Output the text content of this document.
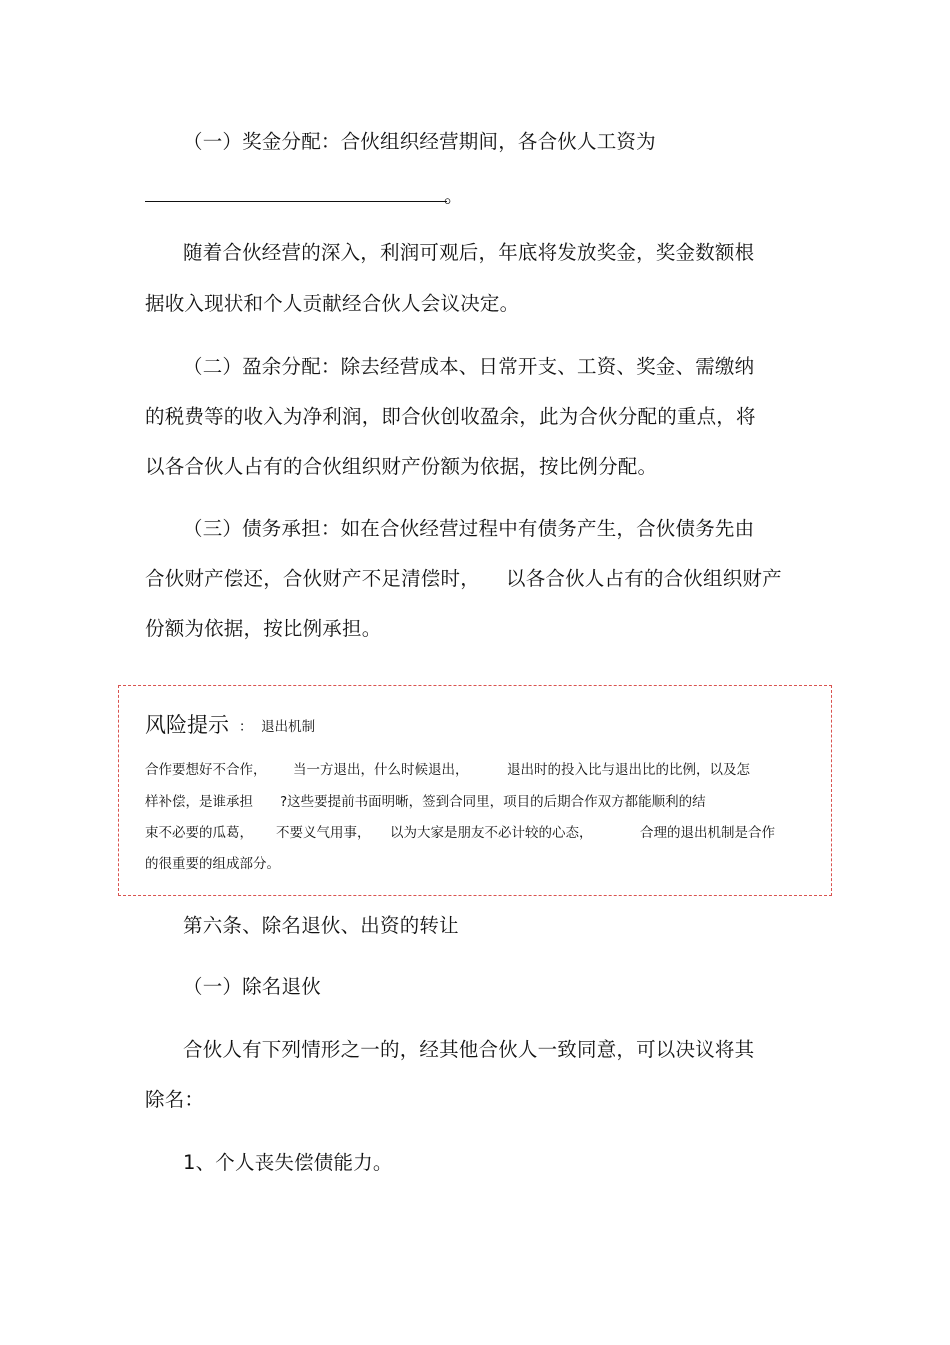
（一）奖金分配：合伙组织经营期间，各合伙人工资为
。
随着合伙经营的深入，利润可观后，年底将发放奖金，奖金数额根
据收入现状和个人贡献经合伙人会议决定。
（二）盈余分配：除去经营成本、日常开支、工资、奖金、需缴纳
的税费等的收入为净利润，即合伙创收盈余，此为合伙分配的重点，将
以各合伙人占有的合伙组织财产份额为依据，按比例分配。
（三）债务承担：如在合伙经营过程中有债务产生，合伙债务先由
合伙财产偿还，合伙财产不足清偿时， 以各合伙人占有的合伙组织财产
份额为依据，按比例承担。
风险提示 ：  退出机制
合作要想好不合作， 当一方退出，什么时候退出，	退出时的投入比与退出比的比例，以及怎
样补偿，是谁承担 ?这些要提前书面明晰，签到合同里，项目的后期合作双方都能顺利的结
束不必要的瓜葛， 不要义气用事， 以为大家是朋友不必计较的心态，	合理的退出机制是合作
的很重要的组成部分。
第六条、除名退伙、出资的转让
（一）除名退伙
合伙人有下列情形之一的，经其他合伙人一致同意，可以决议将其
除名：
1、个人丧失偿债能力。
